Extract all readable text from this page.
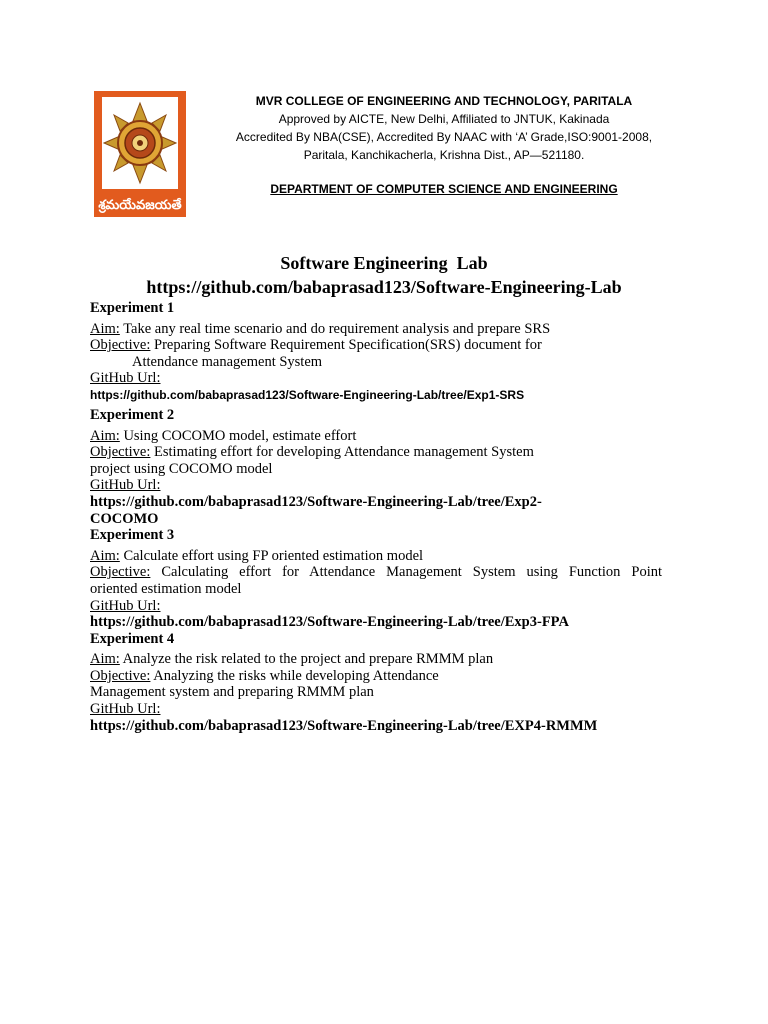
శ్రమయేవజయతే
MVR COLLEGE OF ENGINEERING AND TECHNOLOGY, PARITALA
Approved by AICTE, New Delhi, Affiliated to JNTUK, Kakinada
Accredited By NBA(CSE), Accredited By NAAC with ‘A’ Grade,ISO:9001-2008,
Paritala, Kanchikacherla, Krishna Dist., AP—521180.
DEPARTMENT OF COMPUTER SCIENCE AND ENGINEERING
Software Engineering  Lab
https://github.com/babaprasad123/Software-Engineering-Lab

Experiment 1

Aim: Take any real time scenario and do requirement analysis and prepare SRS

Objective: Preparing Software Requirement Specification(SRS) document for

Attendance management System

GitHub Url:

https://github.com/babaprasad123/Software-Engineering-Lab/tree/Exp1-SRS

Experiment 2

Aim: Using COCOMO model, estimate effort

Objective: Estimating effort for developing Attendance management System

project using COCOMO model

GitHub Url:

https://github.com/babaprasad123/Software-Engineering-Lab/tree/Exp2-

COCOMO

Experiment 3

Aim: Calculate effort using FP oriented estimation model

Objective: Calculating effort for Attendance Management System using Function Point

oriented estimation model

GitHub Url:

https://github.com/babaprasad123/Software-Engineering-Lab/tree/Exp3-FPA

Experiment 4

Aim: Analyze the risk related to the project and prepare RMMM plan

Objective: Analyzing the risks while developing Attendance

Management system and preparing RMMM plan

GitHub Url:

https://github.com/babaprasad123/Software-Engineering-Lab/tree/EXP4-RMMM
